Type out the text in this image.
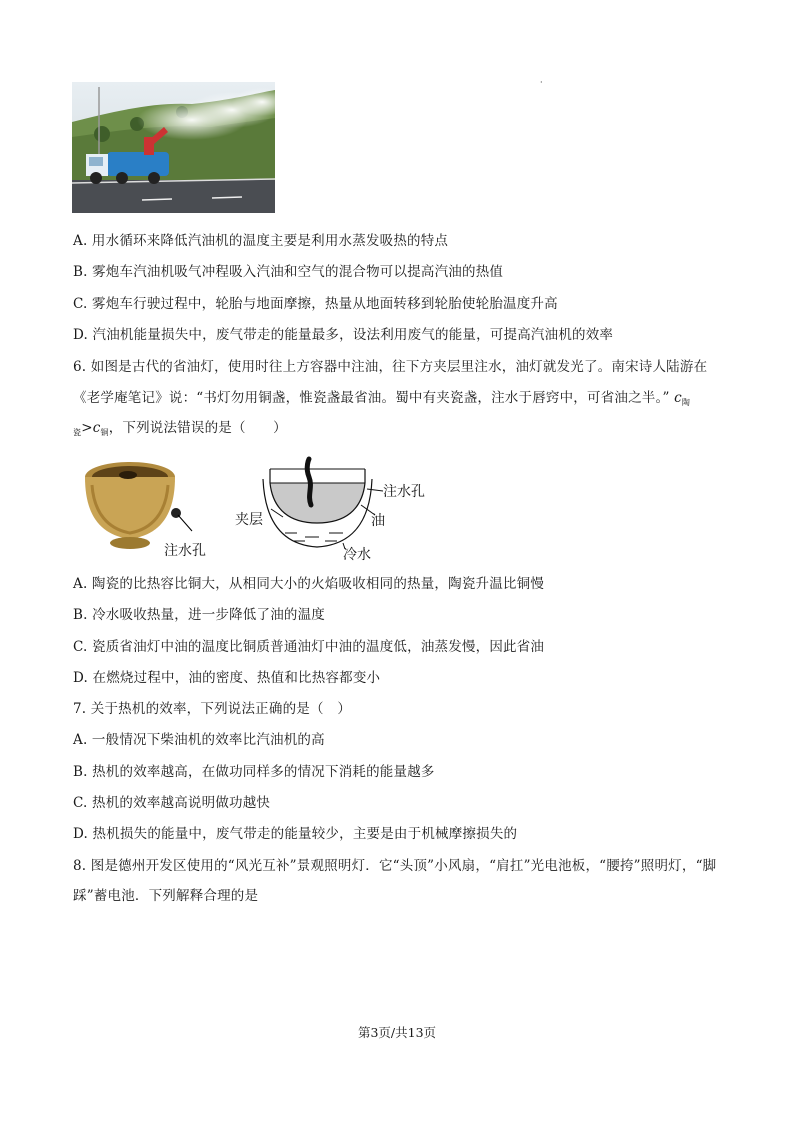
·
A. 用水循环来降低汽油机的温度主要是利用水蒸发吸热的特点
B. 雾炮车汽油机吸气冲程吸入汽油和空气的混合物可以提高汽油的热值
C. 雾炮车行驶过程中，轮胎与地面摩擦，热量从地面转移到轮胎使轮胎温度升高
D. 汽油机能量损失中，废气带走的能量最多，设法利用废气的能量，可提高汽油机的效率
6. 如图是古代的省油灯，使用时往上方容器中注油，往下方夹层里注水，油灯就发光了。南宋诗人陆游在
《老学庵笔记》说：“书灯勿用铜盏，惟瓷盏最省油。蜀中有夹瓷盏，注水于唇窍中，可省油之半。” $c_陶$
$_瓷>c_铜$，下列说法错误的是（　　）
注水孔
注水孔
夹层	油
冷水
A. 陶瓷的比热容比铜大，从相同大小的火焰吸收相同的热量，陶瓷升温比铜慢
B. 冷水吸收热量，进一步降低了油的温度
C. 瓷质省油灯中油的温度比铜质普通油灯中油的温度低，油蒸发慢，因此省油
D. 在燃烧过程中，油的密度、热值和比热容都变小
7. 关于热机的效率，下列说法正确的是（　）
A. 一般情况下柴油机的效率比汽油机的高
B. 热机的效率越高，在做功同样多的情况下消耗的能量越多
C. 热机的效率越高说明做功越快
D. 热机损失的能量中，废气带走的能量较少，主要是由于机械摩擦损失的
8. 图是德州开发区使用的“风光互补”景观照明灯．它“头顶”小风扇，“肩扛”光电池板，“腰挎”照明灯，“脚
踩”蓄电池．下列解释合理的是
第3页/共13页
